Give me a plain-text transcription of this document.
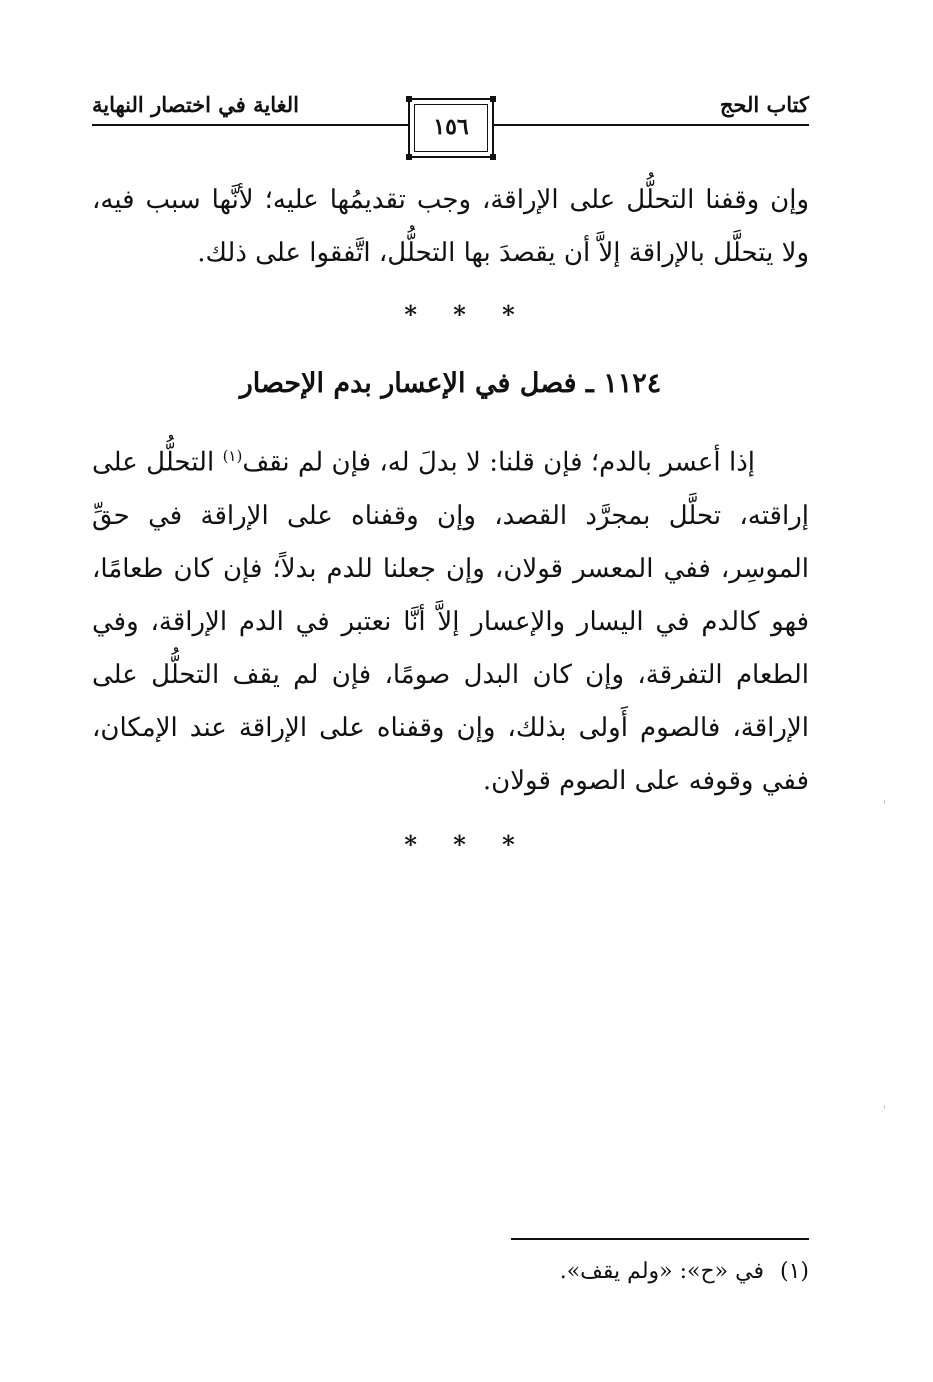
كتاب الحج
الغاية في اختصار النهاية
١٥٦

وإن وقفنا التحلُّل على الإراقة، وجب تقديمُها عليه؛ لأنَّها سبب فيه، ولا يتحلَّل بالإراقة إلاَّ أن يقصدَ بها التحلُّل، اتَّفقوا على ذلك.

* * *
١١٢٤ ـ فصل في الإعسار بدم الإحصار

إذا أعسر بالدم؛ فإن قلنا: لا بدلَ له، فإن لم نقف$^{(١)}$ التحلُّل على إراقته، تحلَّل بمجرَّد القصد، وإن وقفناه على الإراقة في حقِّ الموسِر، ففي المعسر قولان، وإن جعلنا للدم بدلاً؛ فإن كان طعامًا، فهو كالدم في اليسار والإعسار إلاَّ أنَّا نعتبر في الدم الإراقة، وفي الطعام التفرقة، وإن كان البدل صومًا، فإن لم يقف التحلُّل على الإراقة، فالصوم أَولى بذلك، وإن وقفناه على الإراقة عند الإمكان، ففي وقوفه على الصوم قولان.

* * *
(١)في «ح»: «ولم يقف».
